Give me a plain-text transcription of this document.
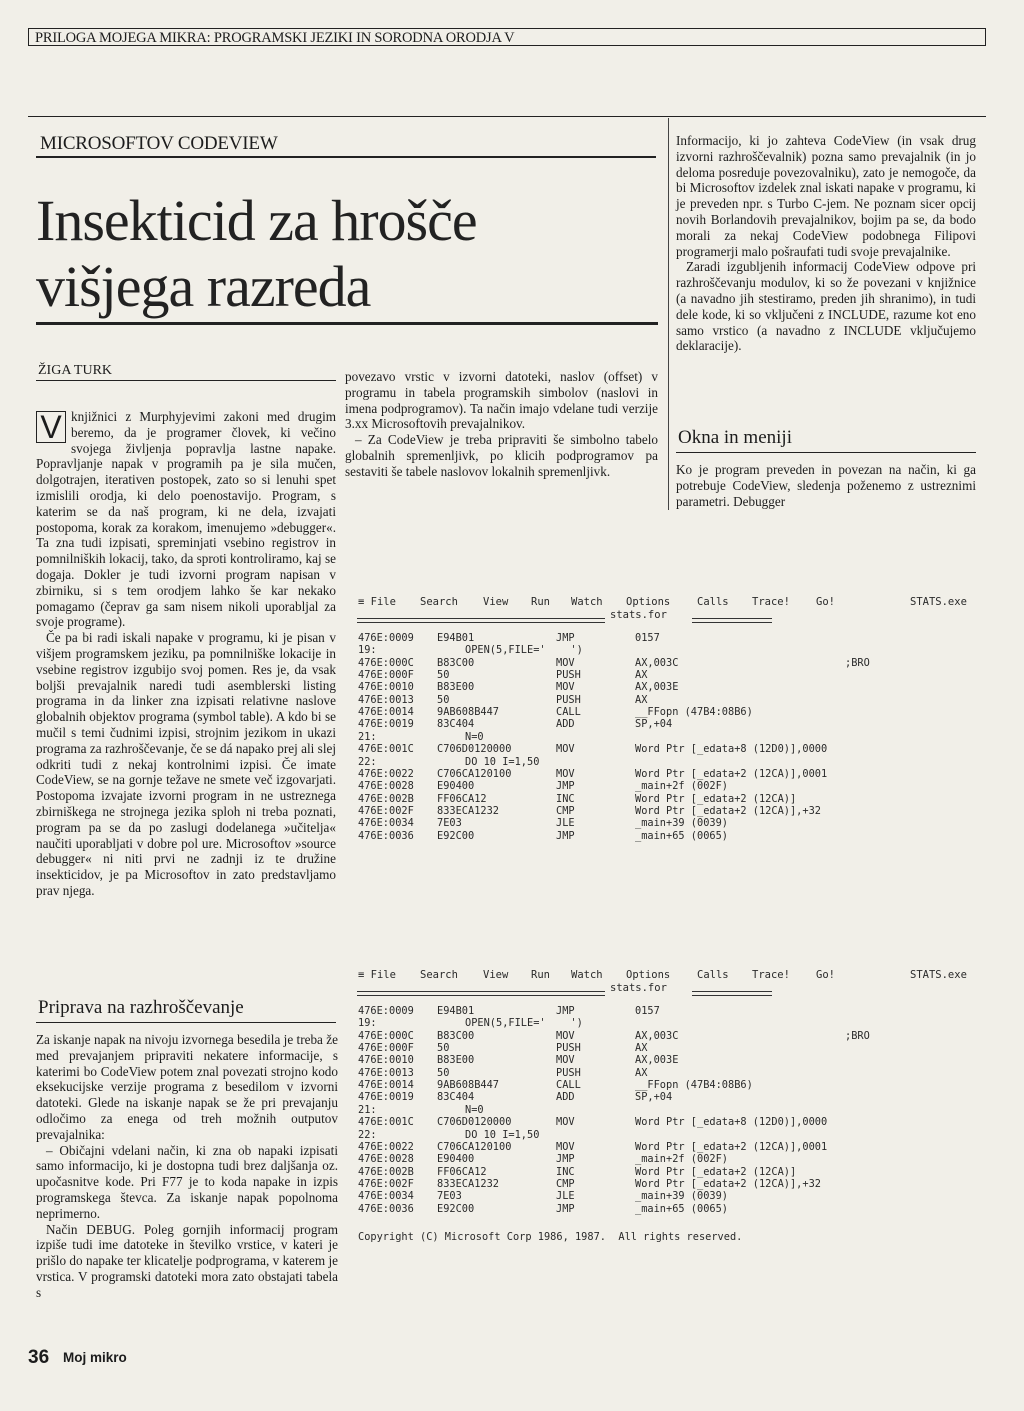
PRILOGA MOJEGA MIKRA: PROGRAMSKI JEZIKI IN SORODNA ORODJA V
MICROSOFTOV CODEVIEW
Insekticid za hrošče
višjega razreda
ŽIGA TURK

V knjižnici z Murphyjevimi zakoni med drugim beremo, da je programer človek, ki večino svojega življenja popravlja lastne napake. Popravljanje napak v programih pa je sila mučen, dolgotrajen, iterativen postopek, zato so si lenuhi spet izmislili orodja, ki delo poenostavijo. Program, s katerim se da naš program, ki ne dela, izvajati postopoma, korak za korakom, imenujemo »debugger«. Ta zna tudi izpisati, spreminjati vsebino registrov in pomnilniških lokacij, tako, da sproti kontroliramo, kaj se dogaja. Dokler je tudi izvorni program napisan v zbirniku, si s tem orodjem lahko še kar nekako pomagamo (čeprav ga sam nisem nikoli uporabljal za svoje programe).

Če pa bi radi iskali napake v programu, ki je pisan v višjem programskem jeziku, pa pomnilniške lokacije in vsebine registrov izgubijo svoj pomen. Res je, da vsak boljši prevajalnik naredi tudi asemblerski listing programa in da linker zna izpisati relativne naslove globalnih objektov programa (symbol table). A kdo bi se mučil s temi čudnimi izpisi, strojnim jezikom in ukazi programa za razhroščevanje, če se dá napako prej ali slej odkriti tudi z nekaj kontrolnimi izpisi. Če imate CodeView, se na gornje težave ne smete več izgovarjati. Postopoma izvajate izvorni program in ne ustreznega zbirniškega ne strojnega jezika sploh ni treba poznati, program pa se da po zaslugi dodelanega »učitelja« naučiti uporabljati v dobre pol ure. Microsoftov »source debugger« ni niti prvi ne zadnji iz te družine insekticidov, je pa Microsoftov in zato predstavljamo prav njega.

Priprava na razhroščevanje

Za iskanje napak na nivoju izvornega besedila je treba že med prevajanjem pripraviti nekatere informacije, s katerimi bo CodeView potem znal povezati strojno kodo eksekucijske verzije programa z besedilom v izvorni datoteki. Glede na iskanje napak se že pri prevajanju odločimo za enega od treh možnih outputov prevajalnika:

– Običajni vdelani način, ki zna ob napaki izpisati samo informacijo, ki je dostopna tudi brez daljšanja oz. upočasnitve kode. Pri F77 je to koda napake in izpis programskega števca. Za iskanje napak popolnoma neprimerno.

Način DEBUG. Poleg gornjih informacij program izpiše tudi ime datoteke in številko vrstice, v kateri je prišlo do napake ter klicatelje podprograma, v katerem je vrstica. V programski datoteki mora zato obstajati tabela s

povezavo vrstic v izvorni datoteki, naslov (offset) v programu in tabela programskih simbolov (naslovi in imena podprogramov). Ta način imajo vdelane tudi verzije 3.xx Microsoftovih prevajalnikov.

– Za CodeView je treba pripraviti še simbolno tabelo globalnih spremenljivk, po klicih podprogramov pa sestaviti še tabele naslovov lokalnih spremenljivk.

Informacijo, ki jo zahteva CodeView (in vsak drug izvorni razhroščevalnik) pozna samo prevajalnik (in jo deloma posreduje povezovalniku), zato je nemogoče, da bi Microsoftov izdelek znal iskati napake v programu, ki je preveden npr. s Turbo C-jem. Ne poznam sicer opcij novih Borlandovih prevajalnikov, bojim pa se, da bodo morali za nekaj CodeView podobnega Filipovi programerji malo pošraufati tudi svoje prevajalnike.

Zaradi izgubljenih informacij CodeView odpove pri razhroščevanju modulov, ki so že povezani v knjižnice (a navadno jih stestiramo, preden jih shranimo), in tudi dele kode, ki so vključeni z INCLUDE, razume kot eno samo vrstico (a navadno z INCLUDE vključujemo deklaracije).

Okna in meniji

Ko je program preveden in povezan na način, ki ga potrebuje CodeView, sledenja poženemo z ustreznimi parametri. Debugger

≡ File Search View Run Watch Options	Calls Trace! Go!	STATS.exe
stats.for
476E:0009 E94B01	JMP	0157
19:	OPEN(5,FILE='    ')
476E:000C B83C00	MOV	AX,003C	;BRO
476E:000F 50	PUSH	AX
476E:0010 B83E00	MOV	AX,003E
476E:0013 50	PUSH	AX
476E:0014 9AB608B447	CALL	__FFopn (47B4:08B6)
476E:0019 83C404	ADD	SP,+04
21:	N=0
476E:001C C706D0120000	MOV	Word Ptr [_edata+8 (12D0)],0000
22:	DO 10 I=1,50
476E:0022 C706CA120100	MOV	Word Ptr [_edata+2 (12CA)],0001
476E:0028 E90400	JMP	_main+2f (002F)
476E:002B FF06CA12	INC	Word Ptr [_edata+2 (12CA)]
476E:002F 833ECA1232	CMP	Word Ptr [_edata+2 (12CA)],+32
476E:0034 7E03	JLE	_main+39 (0039)
476E:0036 E92C00	JMP	_main+65 (0065)
≡ File Search View Run Watch Options	Calls Trace! Go!	STATS.exe
stats.for
476E:0009 E94B01	JMP	0157
19:	OPEN(5,FILE='    ')
476E:000C B83C00	MOV	AX,003C	;BRO
476E:000F 50	PUSH	AX
476E:0010 B83E00	MOV	AX,003E
476E:0013 50	PUSH	AX
476E:0014 9AB608B447	CALL	__FFopn (47B4:08B6)
476E:0019 83C404	ADD	SP,+04
21:	N=0
476E:001C C706D0120000	MOV	Word Ptr [_edata+8 (12D0)],0000
22:	DO 10 I=1,50
476E:0022 C706CA120100	MOV	Word Ptr [_edata+2 (12CA)],0001
476E:0028 E90400	JMP	_main+2f (002F)
476E:002B FF06CA12	INC	Word Ptr [_edata+2 (12CA)]
476E:002F 833ECA1232	CMP	Word Ptr [_edata+2 (12CA)],+32
476E:0034 7E03	JLE	_main+39 (0039)
476E:0036 E92C00	JMP	_main+65 (0065)
Copyright (C) Microsoft Corp 1986, 1987.  All rights reserved.
36 Moj mikro
